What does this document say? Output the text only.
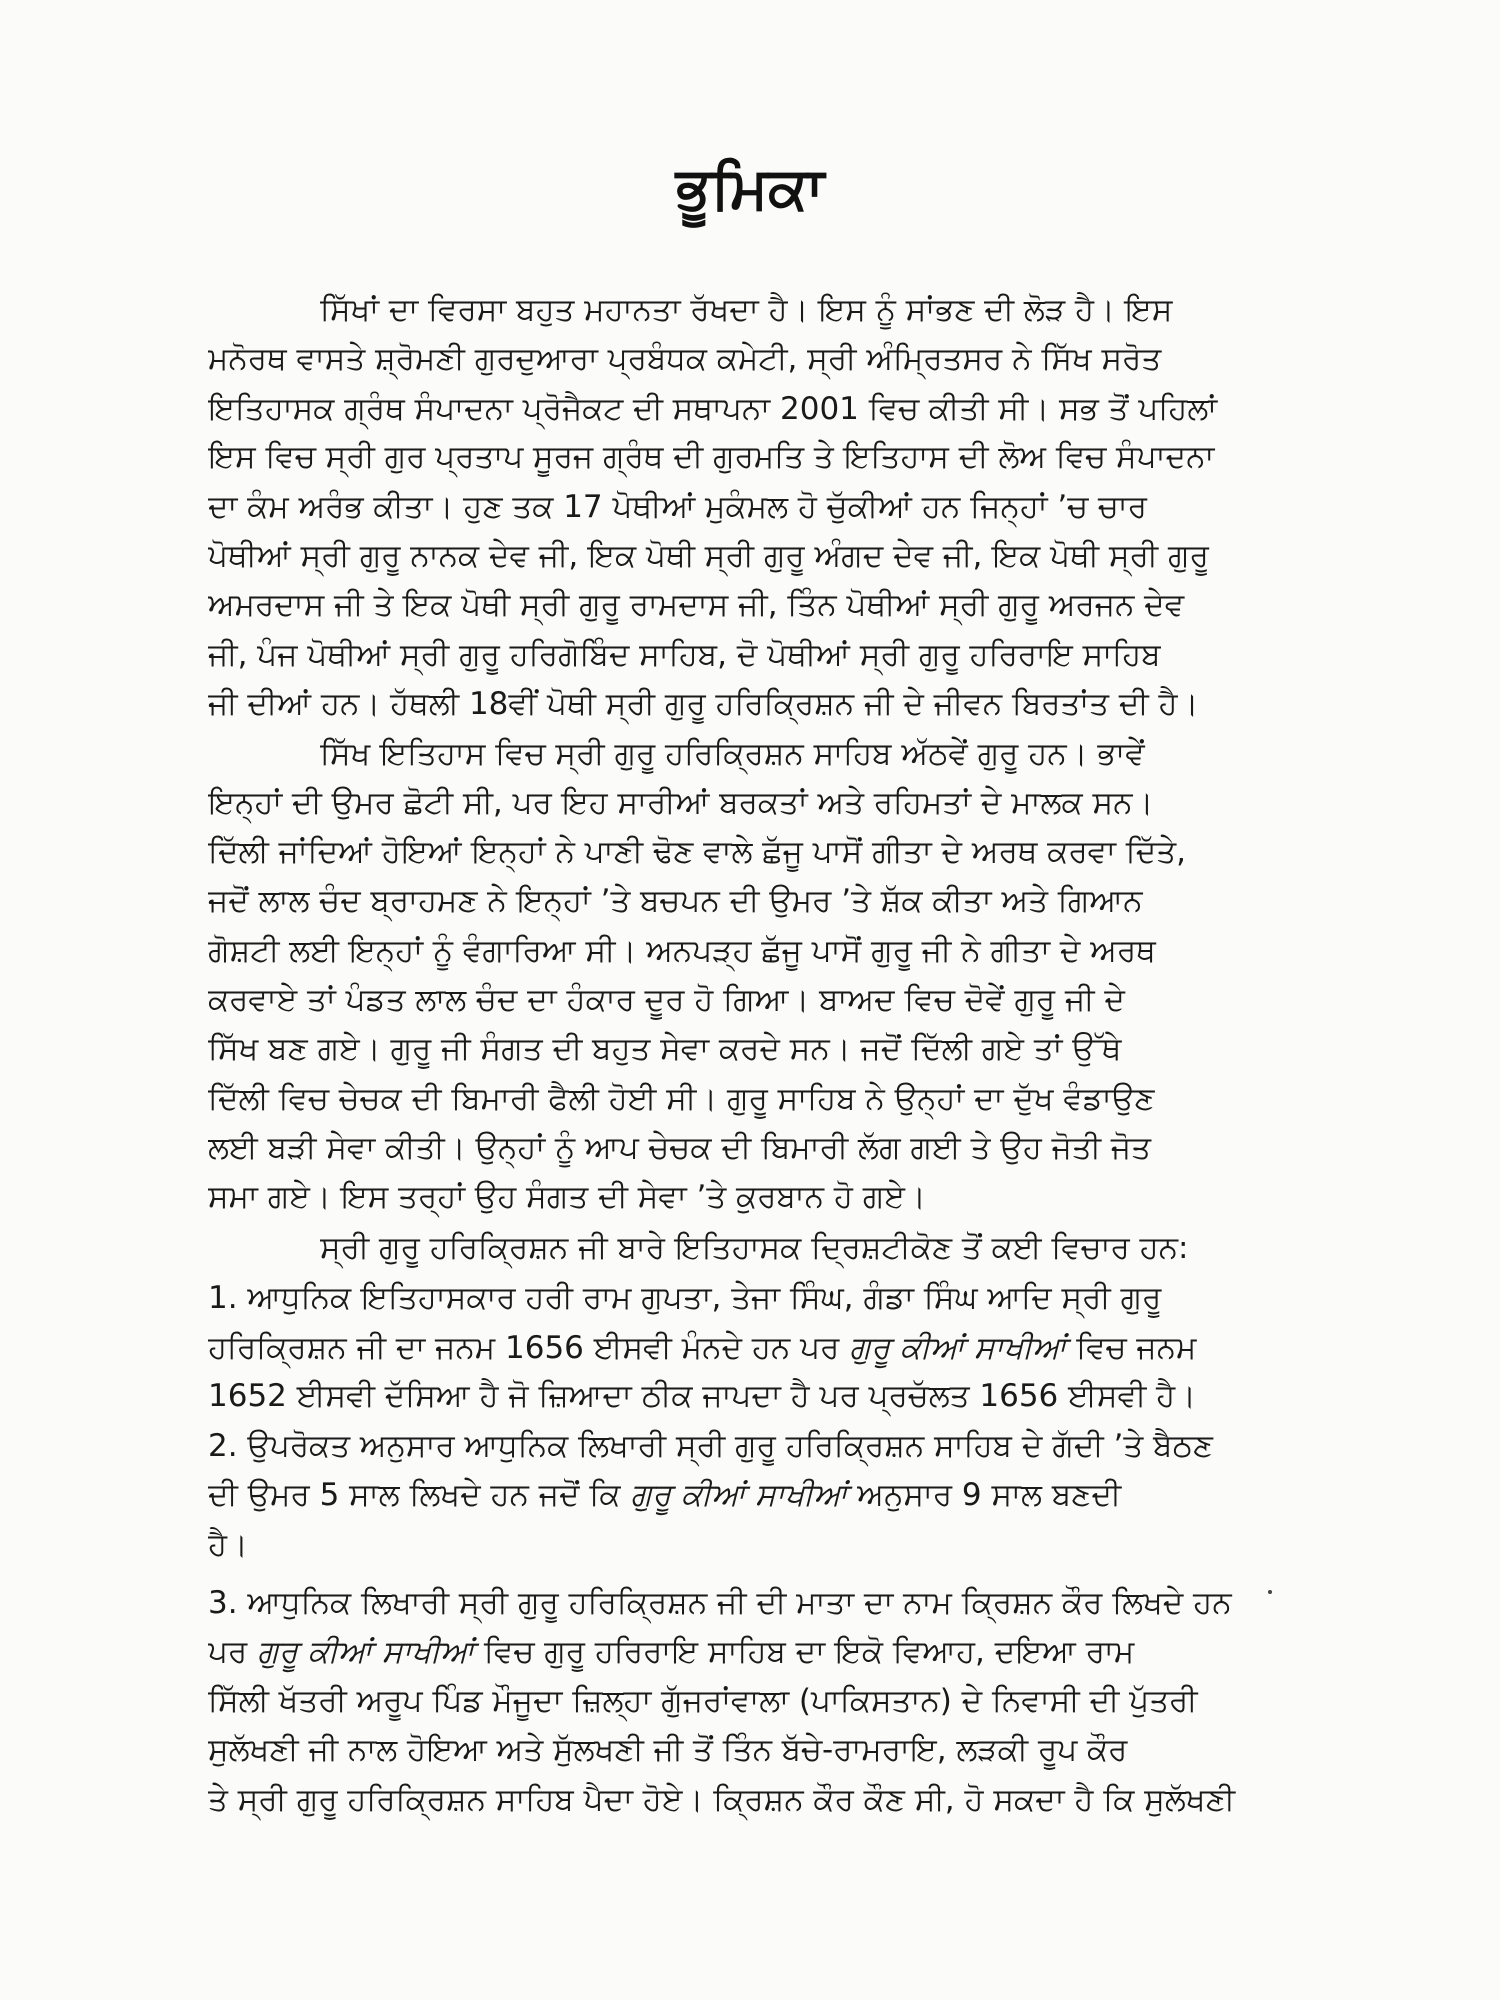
ਭੂਮਿਕਾ
ਸਿੱਖਾਂ ਦਾ ਵਿਰਸਾ ਬਹੁਤ ਮਹਾਨਤਾ ਰੱਖਦਾ ਹੈ। ਇਸ ਨੂੰ ਸਾਂਭਣ ਦੀ ਲੋੜ ਹੈ। ਇਸ
ਮਨੋਰਥ ਵਾਸਤੇ ਸ਼੍ਰੋਮਣੀ ਗੁਰਦੁਆਰਾ ਪ੍ਰਬੰਧਕ ਕਮੇਟੀ, ਸ੍ਰੀ ਅੰਮ੍ਰਿਤਸਰ ਨੇ ਸਿੱਖ ਸਰੋਤ
ਇਤਿਹਾਸਕ ਗ੍ਰੰਥ ਸੰਪਾਦਨਾ ਪ੍ਰੋਜੈਕਟ ਦੀ ਸਥਾਪਨਾ 2001 ਵਿਚ ਕੀਤੀ ਸੀ। ਸਭ ਤੋਂ ਪਹਿਲਾਂ
ਇਸ ਵਿਚ ਸ੍ਰੀ ਗੁਰ ਪ੍ਰਤਾਪ ਸੂਰਜ ਗ੍ਰੰਥ ਦੀ ਗੁਰਮਤਿ ਤੇ ਇਤਿਹਾਸ ਦੀ ਲੋਅ ਵਿਚ ਸੰਪਾਦਨਾ
ਦਾ ਕੰਮ ਅਰੰਭ ਕੀਤਾ। ਹੁਣ ਤਕ 17 ਪੋਥੀਆਂ ਮੁਕੰਮਲ ਹੋ ਚੁੱਕੀਆਂ ਹਨ ਜਿਨ੍ਹਾਂ ’ਚ ਚਾਰ
ਪੋਥੀਆਂ ਸ੍ਰੀ ਗੁਰੂ ਨਾਨਕ ਦੇਵ ਜੀ, ਇਕ ਪੋਥੀ ਸ੍ਰੀ ਗੁਰੂ ਅੰਗਦ ਦੇਵ ਜੀ, ਇਕ ਪੋਥੀ ਸ੍ਰੀ ਗੁਰੂ
ਅਮਰਦਾਸ ਜੀ ਤੇ ਇਕ ਪੋਥੀ ਸ੍ਰੀ ਗੁਰੂ ਰਾਮਦਾਸ ਜੀ, ਤਿੰਨ ਪੋਥੀਆਂ ਸ੍ਰੀ ਗੁਰੂ ਅਰਜਨ ਦੇਵ
ਜੀ, ਪੰਜ ਪੋਥੀਆਂ ਸ੍ਰੀ ਗੁਰੂ ਹਰਿਗੋਬਿੰਦ ਸਾਹਿਬ, ਦੋ ਪੋਥੀਆਂ ਸ੍ਰੀ ਗੁਰੂ ਹਰਿਰਾਇ ਸਾਹਿਬ
ਜੀ ਦੀਆਂ ਹਨ। ਹੱਥਲੀ 18ਵੀਂ ਪੋਥੀ ਸ੍ਰੀ ਗੁਰੂ ਹਰਿਕ੍ਰਿਸ਼ਨ ਜੀ ਦੇ ਜੀਵਨ ਬਿਰਤਾਂਤ ਦੀ ਹੈ।
ਸਿੱਖ ਇਤਿਹਾਸ ਵਿਚ ਸ੍ਰੀ ਗੁਰੂ ਹਰਿਕ੍ਰਿਸ਼ਨ ਸਾਹਿਬ ਅੱਠਵੇਂ ਗੁਰੂ ਹਨ। ਭਾਵੇਂ
ਇਨ੍ਹਾਂ ਦੀ ਉਮਰ ਛੋਟੀ ਸੀ, ਪਰ ਇਹ ਸਾਰੀਆਂ ਬਰਕਤਾਂ ਅਤੇ ਰਹਿਮਤਾਂ ਦੇ ਮਾਲਕ ਸਨ।
ਦਿੱਲੀ ਜਾਂਦਿਆਂ ਹੋਇਆਂ ਇਨ੍ਹਾਂ ਨੇ ਪਾਣੀ ਢੋਣ ਵਾਲੇ ਛੱਜੂ ਪਾਸੋਂ ਗੀਤਾ ਦੇ ਅਰਥ ਕਰਵਾ ਦਿੱਤੇ,
ਜਦੋਂ ਲਾਲ ਚੰਦ ਬ੍ਰਾਹਮਣ ਨੇ ਇਨ੍ਹਾਂ ’ਤੇ ਬਚਪਨ ਦੀ ਉਮਰ ’ਤੇ ਸ਼ੱਕ ਕੀਤਾ ਅਤੇ ਗਿਆਨ
ਗੋਸ਼ਟੀ ਲਈ ਇਨ੍ਹਾਂ ਨੂੰ ਵੰਗਾਰਿਆ ਸੀ। ਅਨਪੜ੍ਹ ਛੱਜੂ ਪਾਸੋਂ ਗੁਰੂ ਜੀ ਨੇ ਗੀਤਾ ਦੇ ਅਰਥ
ਕਰਵਾਏ ਤਾਂ ਪੰਡਤ ਲਾਲ ਚੰਦ ਦਾ ਹੰਕਾਰ ਦੂਰ ਹੋ ਗਿਆ। ਬਾਅਦ ਵਿਚ ਦੋਵੇਂ ਗੁਰੂ ਜੀ ਦੇ
ਸਿੱਖ ਬਣ ਗਏ। ਗੁਰੂ ਜੀ ਸੰਗਤ ਦੀ ਬਹੁਤ ਸੇਵਾ ਕਰਦੇ ਸਨ। ਜਦੋਂ ਦਿੱਲੀ ਗਏ ਤਾਂ ਉੱਥੇ
ਦਿੱਲੀ ਵਿਚ ਚੇਚਕ ਦੀ ਬਿਮਾਰੀ ਫੈਲੀ ਹੋਈ ਸੀ। ਗੁਰੂ ਸਾਹਿਬ ਨੇ ਉਨ੍ਹਾਂ ਦਾ ਦੁੱਖ ਵੰਡਾਉਣ
ਲਈ ਬੜੀ ਸੇਵਾ ਕੀਤੀ। ਉਨ੍ਹਾਂ ਨੂੰ ਆਪ ਚੇਚਕ ਦੀ ਬਿਮਾਰੀ ਲੱਗ ਗਈ ਤੇ ਉਹ ਜੋਤੀ ਜੋਤ
ਸਮਾ ਗਏ। ਇਸ ਤਰ੍ਹਾਂ ਉਹ ਸੰਗਤ ਦੀ ਸੇਵਾ ’ਤੇ ਕੁਰਬਾਨ ਹੋ ਗਏ।
ਸ੍ਰੀ ਗੁਰੂ ਹਰਿਕ੍ਰਿਸ਼ਨ ਜੀ ਬਾਰੇ ਇਤਿਹਾਸਕ ਦ੍ਰਿਸ਼ਟੀਕੋਣ ਤੋਂ ਕਈ ਵਿਚਾਰ ਹਨ:
1. ਆਧੁਨਿਕ ਇਤਿਹਾਸਕਾਰ ਹਰੀ ਰਾਮ ਗੁਪਤਾ, ਤੇਜਾ ਸਿੰਘ, ਗੰਡਾ ਸਿੰਘ ਆਦਿ ਸ੍ਰੀ ਗੁਰੂ
ਹਰਿਕ੍ਰਿਸ਼ਨ ਜੀ ਦਾ ਜਨਮ 1656 ਈਸਵੀ ਮੰਨਦੇ ਹਨ ਪਰ ਗੁਰੂ ਕੀਆਂ ਸਾਖੀਆਂ ਵਿਚ ਜਨਮ
1652 ਈਸਵੀ ਦੱਸਿਆ ਹੈ ਜੋ ਜ਼ਿਆਦਾ ਠੀਕ ਜਾਪਦਾ ਹੈ ਪਰ ਪ੍ਰਚੱਲਤ 1656 ਈਸਵੀ ਹੈ।
2. ਉਪਰੋਕਤ ਅਨੁਸਾਰ ਆਧੁਨਿਕ ਲਿਖਾਰੀ ਸ੍ਰੀ ਗੁਰੂ ਹਰਿਕ੍ਰਿਸ਼ਨ ਸਾਹਿਬ ਦੇ ਗੱਦੀ ’ਤੇ ਬੈਠਣ
ਦੀ ਉਮਰ 5 ਸਾਲ ਲਿਖਦੇ ਹਨ ਜਦੋਂ ਕਿ ਗੁਰੂ ਕੀਆਂ ਸਾਖੀਆਂ ਅਨੁਸਾਰ 9 ਸਾਲ ਬਣਦੀ
ਹੈ।
3. ਆਧੁਨਿਕ ਲਿਖਾਰੀ ਸ੍ਰੀ ਗੁਰੂ ਹਰਿਕ੍ਰਿਸ਼ਨ ਜੀ ਦੀ ਮਾਤਾ ਦਾ ਨਾਮ ਕ੍ਰਿਸ਼ਨ ਕੌਰ ਲਿਖਦੇ ਹਨ
ਪਰ ਗੁਰੂ ਕੀਆਂ ਸਾਖੀਆਂ ਵਿਚ ਗੁਰੂ ਹਰਿਰਾਇ ਸਾਹਿਬ ਦਾ ਇਕੋ ਵਿਆਹ, ਦਇਆ ਰਾਮ
ਸਿੱਲੀ ਖੱਤਰੀ ਅਰੂਪ ਪਿੰਡ ਮੌਜੂਦਾ ਜ਼ਿਲ੍ਹਾ ਗੁੱਜਰਾਂਵਾਲਾ (ਪਾਕਿਸਤਾਨ) ਦੇ ਨਿਵਾਸੀ ਦੀ ਪੁੱਤਰੀ
ਸੁਲੱਖਣੀ ਜੀ ਨਾਲ ਹੋਇਆ ਅਤੇ ਸੁੱਲਖਣੀ ਜੀ ਤੋਂ ਤਿੰਨ ਬੱਚੇ-ਰਾਮਰਾਇ, ਲੜਕੀ ਰੂਪ ਕੌਰ
ਤੇ ਸ੍ਰੀ ਗੁਰੂ ਹਰਿਕ੍ਰਿਸ਼ਨ ਸਾਹਿਬ ਪੈਦਾ ਹੋਏ। ਕ੍ਰਿਸ਼ਨ ਕੌਰ ਕੌਣ ਸੀ, ਹੋ ਸਕਦਾ ਹੈ ਕਿ ਸੁਲੱਖਣੀ
